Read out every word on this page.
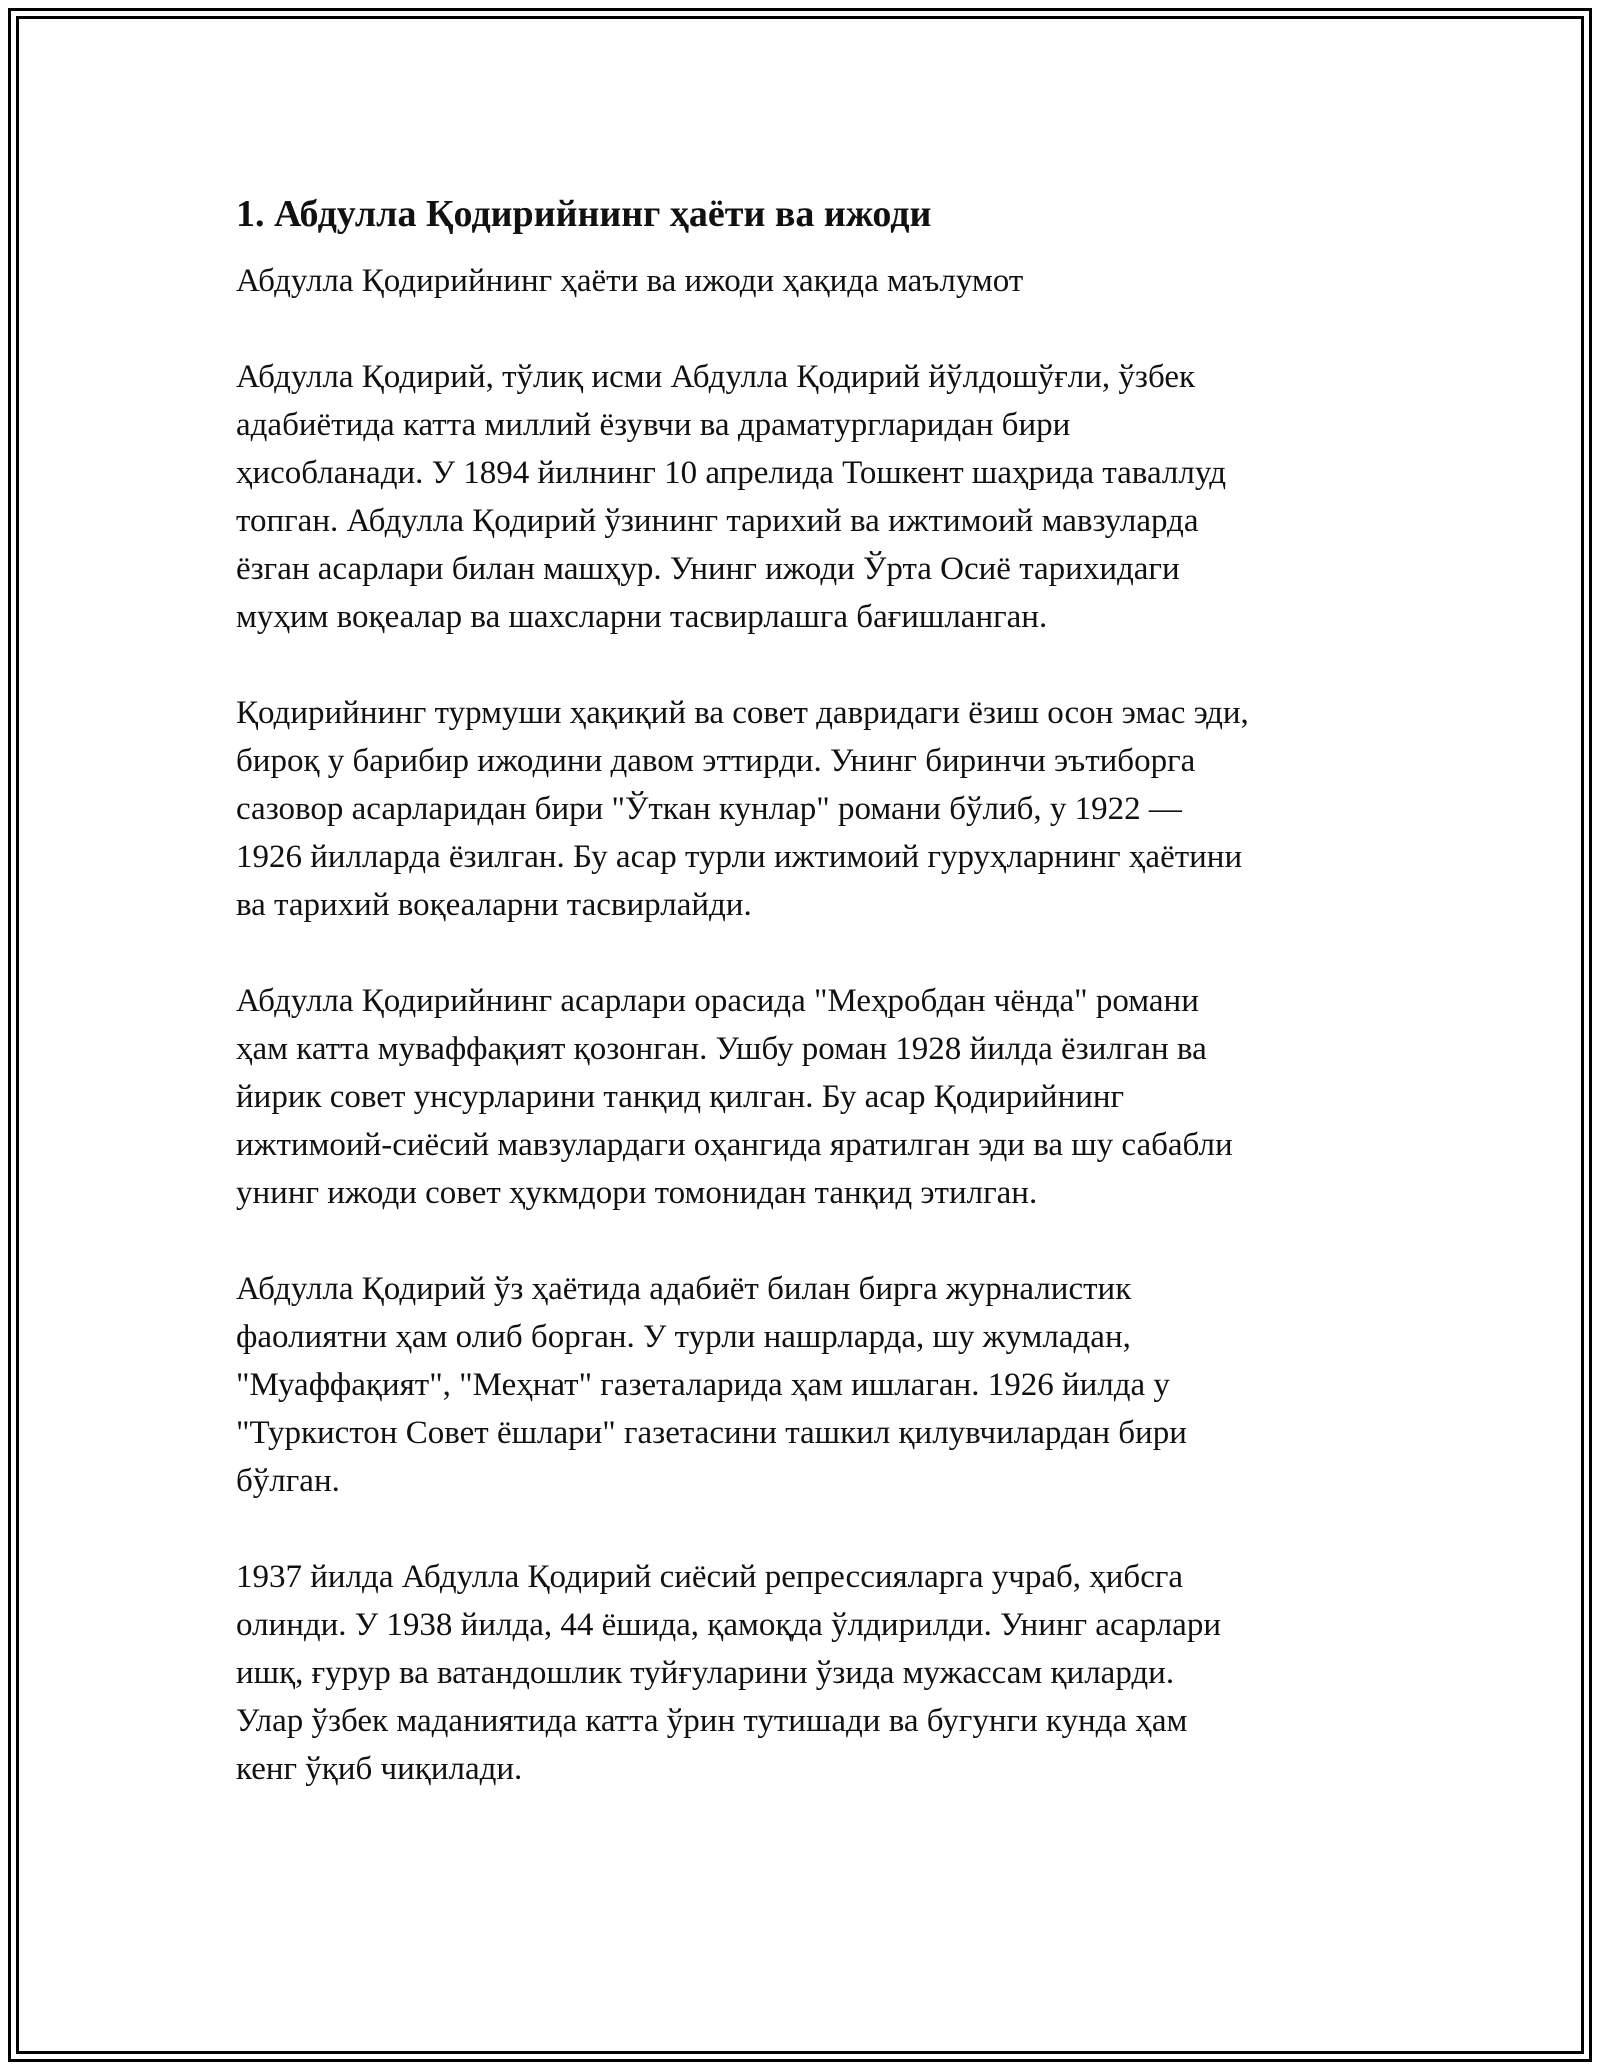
1. Абдулла Қодирийнинг ҳаёти ва ижоди

Абдулла Қодирийнинг ҳаёти ва ижоди ҳақида маълумот

Абдулла Қодирий, тўлиқ исми Абдулла Қодирий йўлдошўғли, ўзбек
адабиётида катта миллий ёзувчи ва драматургларидан бири
ҳисобланади. У 1894 йилнинг 10 апрелида Тошкент шаҳрида таваллуд
топган. Абдулла Қодирий ўзининг тарихий ва ижтимоий мавзуларда
ёзган асарлари билан машҳур. Унинг ижоди Ўрта Осиё тарихидаги
муҳим воқеалар ва шахсларни тасвирлашга бағишланган.

Қодирийнинг турмуши ҳақиқий ва совет давридаги ёзиш осон эмас эди,
бироқ у барибир ижодини давом эттирди. Унинг биринчи эътиборга
сазовор асарларидан бири "Ўткан кунлар" романи бўлиб, у 1922 —
1926 йилларда ёзилган. Бу асар турли ижтимоий гуруҳларнинг ҳаётини
ва тарихий воқеаларни тасвирлайди.

Абдулла Қодирийнинг асарлари орасида "Меҳробдан чёнда" романи
ҳам катта муваффақият қозонган. Ушбу роман 1928 йилда ёзилган ва
йирик совет унсурларини танқид қилган. Бу асар Қодирийнинг
ижтимоий-сиёсий мавзулардаги оҳангида яратилган эди ва шу сабабли
унинг ижоди совет ҳукмдори томонидан танқид этилган.

Абдулла Қодирий ўз ҳаётида адабиёт билан бирга журналистик
фаолиятни ҳам олиб борган. У турли нашрларда, шу жумладан,
"Муаффақият", "Меҳнат" газеталарида ҳам ишлаган. 1926 йилда у
"Туркистон Совет ёшлари" газетасини ташкил қилувчилардан бири
бўлган.

1937 йилда Абдулла Қодирий сиёсий репрессияларга учраб, ҳибсга
олинди. У 1938 йилда, 44 ёшида, қамоқда ўлдирилди. Унинг асарлари
ишқ, ғурур ва ватандошлик туйғуларини ўзида мужассам қиларди.
Улар ўзбек маданиятида катта ўрин тутишади ва бугунги кунда ҳам
кенг ўқиб чиқилади.
